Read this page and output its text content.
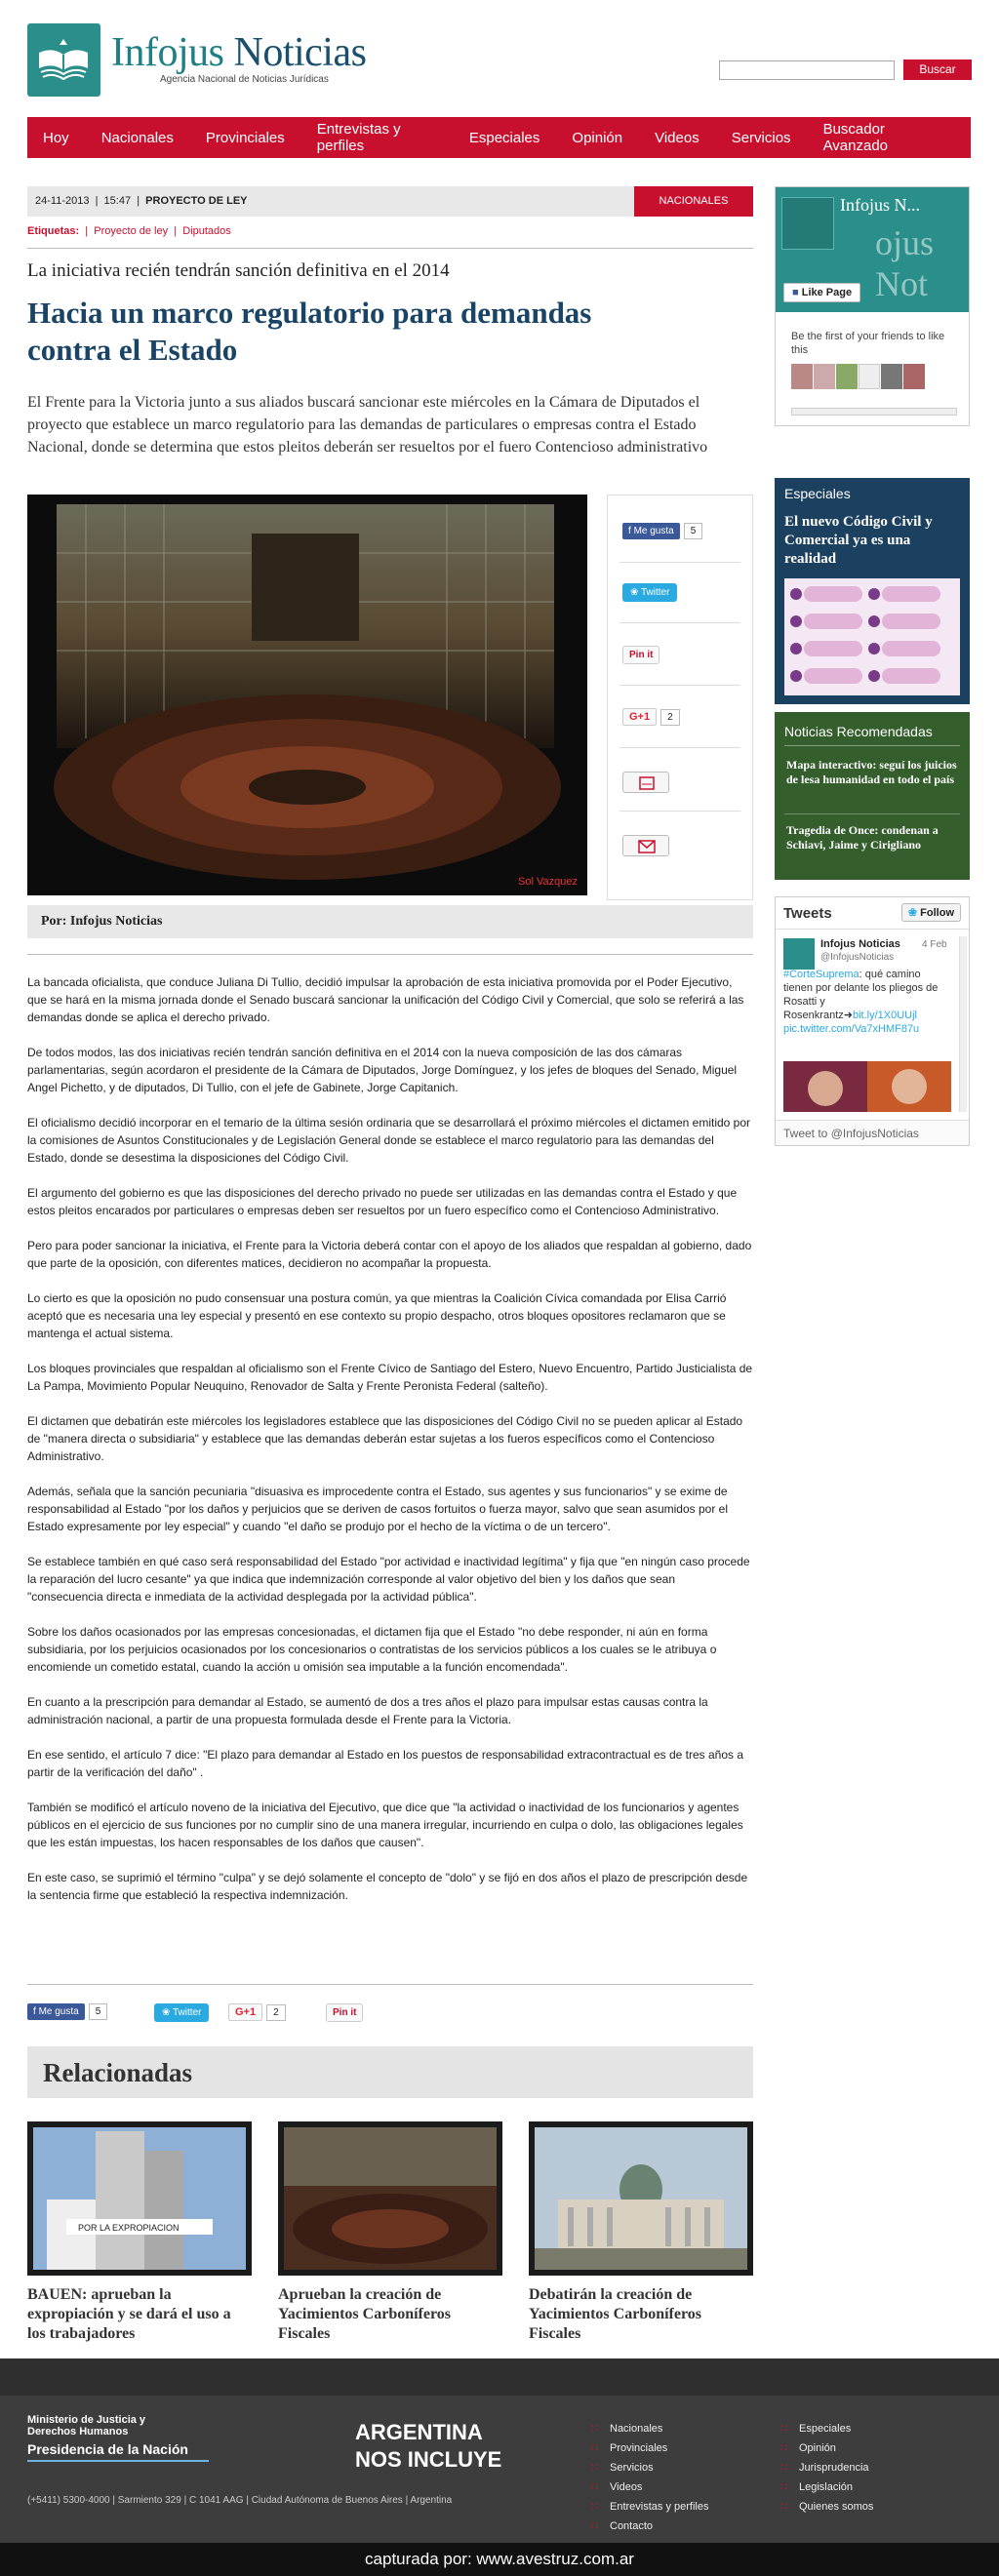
Infojus Noticias
Agencia Nacional de Noticias Jurídicas
Buscar
Hoy Nacionales Provinciales Entrevistas y perfiles	Especiales Opinión Videos Servicios Buscador Avanzado
24-11-2013  |  15:47  |  PROYECTO DE LEY	NACIONALES
Etiquetas:  |  Proyecto de ley  |  Diputados
La iniciativa recién tendrán sanción definitiva en el 2014
Hacia un marco regulatorio para demandas contra el Estado
El Frente para la Victoria junto a sus aliados buscará sancionar este miércoles en la Cámara de Diputados el proyecto que establece un marco regulatorio para las demandas de particulares o empresas contra el Estado Nacional, donde se determina que estos pleitos deberán ser resueltos por el fuero Contencioso administrativo
Sol Vazquez
f Me gusta 5
❀ Twitter
Pin it
G+1 2
Por: Infojus Noticias

La bancada oficialista, que conduce Juliana Di Tullio, decidió impulsar la aprobación de esta iniciativa promovida por el Poder Ejecutivo, que se hará en la misma jornada donde el Senado buscará sancionar la unificación del Código Civil y Comercial, que solo se referirá a las demandas donde se aplica el derecho privado.

De todos modos, las dos iniciativas recién tendrán sanción definitiva en el 2014 con la nueva composición de las dos cámaras parlamentarias, según acordaron el presidente de la Cámara de Diputados, Jorge Domínguez, y los jefes de bloques del Senado, Miguel Angel Pichetto, y de diputados, Di Tullio, con el jefe de Gabinete, Jorge Capitanich.

El oficialismo decidió incorporar en el temario de la última sesión ordinaria que se desarrollará el próximo miércoles el dictamen emitido por la comisiones de Asuntos Constitucionales y de Legislación General donde se establece el marco regulatorio para las demandas del Estado, donde se desestima la disposiciones del Código Civil.

El argumento del gobierno es que las disposiciones del derecho privado no puede ser utilizadas en las demandas contra el Estado y que estos pleitos encarados por particulares o empresas deben ser resueltos por un fuero específico como el Contencioso Administrativo.

Pero para poder sancionar la iniciativa, el Frente para la Victoria deberá contar con el apoyo de los aliados que respaldan al gobierno, dado que parte de la oposición, con diferentes matices, decidieron no acompañar la propuesta.

Lo cierto es que la oposición no pudo consensuar una postura común, ya que mientras la Coalición Cívica comandada por Elisa Carrió aceptó que es necesaria una ley especial y presentó en ese contexto su propio despacho, otros bloques opositores reclamaron que se mantenga el actual sistema.

Los bloques provinciales que respaldan al oficialismo son el Frente Cívico de Santiago del Estero, Nuevo Encuentro, Partido Justicialista de La Pampa, Movimiento Popular Neuquino, Renovador de Salta y Frente Peronista Federal (salteño).

El dictamen que debatirán este miércoles los legisladores establece que las disposiciones del Código Civil no se pueden aplicar al Estado de "manera directa o subsidiaria" y establece que las demandas deberán estar sujetas a los fueros específicos como el Contencioso Administrativo.

Además, señala que la sanción pecuniaria "disuasiva es improcedente contra el Estado, sus agentes y sus funcionarios" y se exime de responsabilidad al Estado "por los daños y perjuicios que se deriven de casos fortuitos o fuerza mayor, salvo que sean asumidos por el Estado expresamente por ley especial" y cuando "el daño se produjo por el hecho de la víctima o de un tercero".

Se establece también en qué caso será responsabilidad del Estado "por actividad e inactividad legítima" y fija que "en ningún caso procede la reparación del lucro cesante" ya que indica que indemnización corresponde al valor objetivo del bien y los daños que sean "consecuencia directa e inmediata de la actividad desplegada por la actividad pública".

Sobre los daños ocasionados por las empresas concesionadas, el dictamen fija que el Estado "no debe responder, ni aún en forma subsidiaria, por los perjuicios ocasionados por los concesionarios o contratistas de los servicios públicos a los cuales se le atribuya o encomiende un cometido estatal, cuando la acción u omisión sea imputable a la función encomendada".

En cuanto a la prescripción para demandar al Estado, se aumentó de dos a tres años el plazo para impulsar estas causas contra la administración nacional, a partir de una propuesta formulada desde el Frente para la Victoria.

En ese sentido, el artículo 7 dice: "El plazo para demandar al Estado en los puestos de responsabilidad extracontractual es de tres años a partir de la verificación del daño" .

También se modificó el artículo noveno de la iniciativa del Ejecutivo, que dice que "la actividad o inactividad de los funcionarios y agentes públicos en el ejercicio de sus funciones por no cumplir sino de una manera irregular, incurriendo en culpa o dolo, las obligaciones legales que les están impuestas, los hacen responsables de los daños que causen".

En este caso, se suprimió el término "culpa" y se dejó solamente el concepto de "dolo" y se fijó en dos años el plazo de prescripción desde la sentencia firme que estableció la respectiva indemnización.

f Me gusta 5	❀ Twitter	G+1 2	Pin it
Relacionadas
POR LA EXPROPIACION
BAUEN: aprueban la expropiación y se dará el uso a los trabajadores
Aprueban la creación de Yacimientos Carboníferos Fiscales
Debatirán la creación de Yacimientos Carboníferos Fiscales
Infojus N...
ojus Not
■ Like Page
Be the first of your friends to like this
Especiales
El nuevo Código Civil y Comercial ya es una realidad
Noticias Recomendadas
Mapa interactivo: seguí los juicios de lesa humanidad en todo el país
Tragedia de Once: condenan a Schiavi, Jaime y Cirigliano
Tweets	❀ Follow
Infojus Noticias
@InfojusNoticias
4 Feb
#CorteSuprema: qué camino tienen por delante los pliegos de Rosatti y Rosenkrantz➜bit.ly/1X0UUjl pic.twitter.com/Va7xHMF87u
Tweet to @InfojusNoticias
Ministerio de Justicia y Derechos Humanos
Presidencia de la Nación
(+5411) 5300-4000 | Sarmiento 329 | C 1041 AAG | Ciudad Autónoma de Buenos Aires | Argentina
ARGENTINA
NOS INCLUYE
∷ Nacionales
∷ Provinciales
∷ Servicios
∷ Videos
∷ Entrevistas y perfiles
∷ Contacto
∷ Especiales
∷ Opinión
∷ Jurisprudencia
∷ Legislación
∷ Quienes somos
capturada por: www.avestruz.com.ar
